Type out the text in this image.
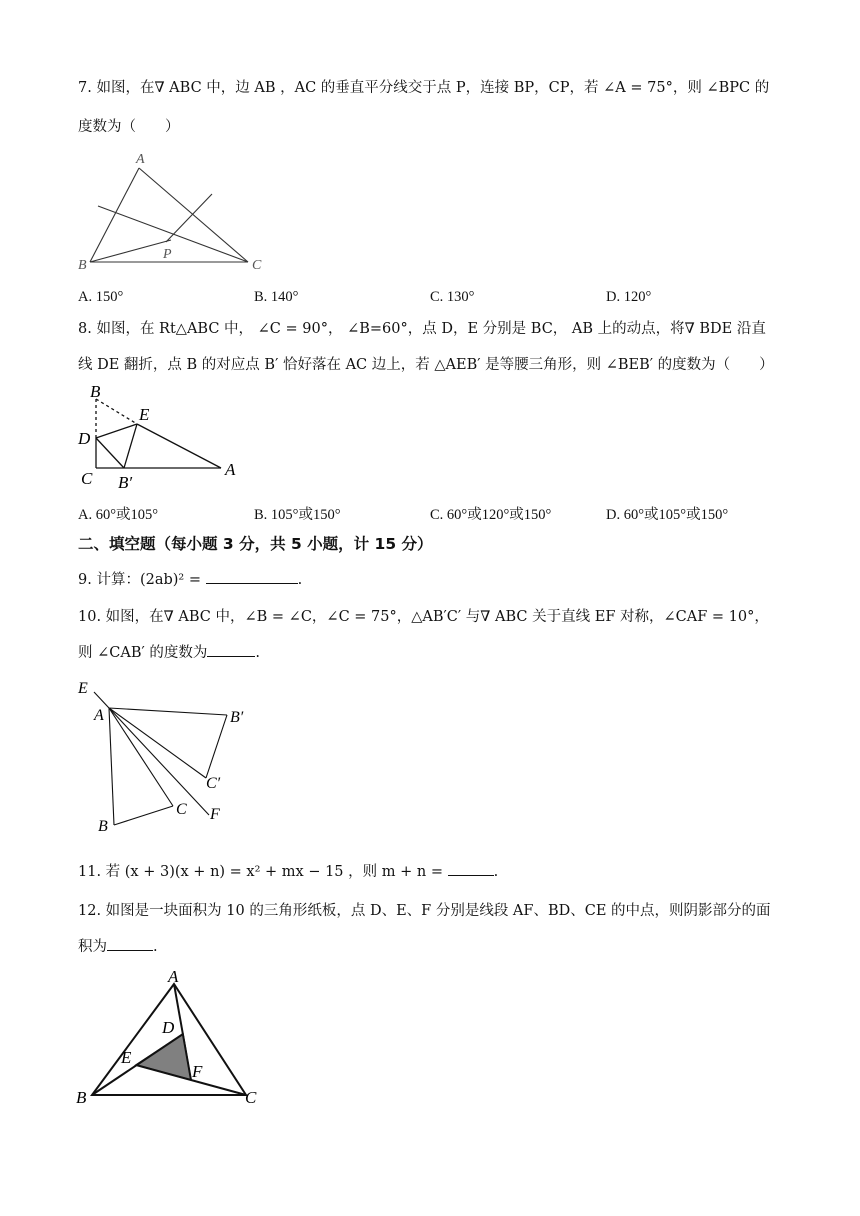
7. 如图，在∇ ABC 中，边 AB ，AC 的垂直平分线交于点 P，连接 BP，CP，若 ∠A = 75°，则 ∠BPC 的
度数为（　　）
A
B	C
P
A. 150°	B. 140°	C. 130°	D. 120°
8. 如图，在 Rt△ABC 中， ∠C = 90°， ∠B=60°，点 D，E 分别是 BC， AB 上的动点，将∇ BDE 沿直
线 DE 翻折，点 B 的对应点 B′ 恰好落在 AC 边上，若 △AEB′ 是等腰三角形，则 ∠BEB′ 的度数为（　　）
B
E
D
C B′
A
A. 60°或105°	B. 105°或150°	C. 60°或120°或150°	D. 60°或105°或150°
二、填空题（每小题 3 分，共 5 小题，计 15 分）
9. 计算：(2ab)² =	.
10. 如图，在∇ ABC 中，∠B = ∠C，∠C = 75°，△AB′C′ 与∇ ABC 关于直线 EF 对称，∠CAF = 10°，
则 ∠CAB′ 的度数为	.
E
A	B′
C′
C F
B
11. 若 (x + 3)(x + n) = x² + mx − 15 ，则 m + n =	.
12. 如图是一块面积为 10 的三角形纸板，点 D、E、F 分别是线段 AF、BD、CE 的中点，则阴影部分的面
积为	.
A
D
E
F
B	C
